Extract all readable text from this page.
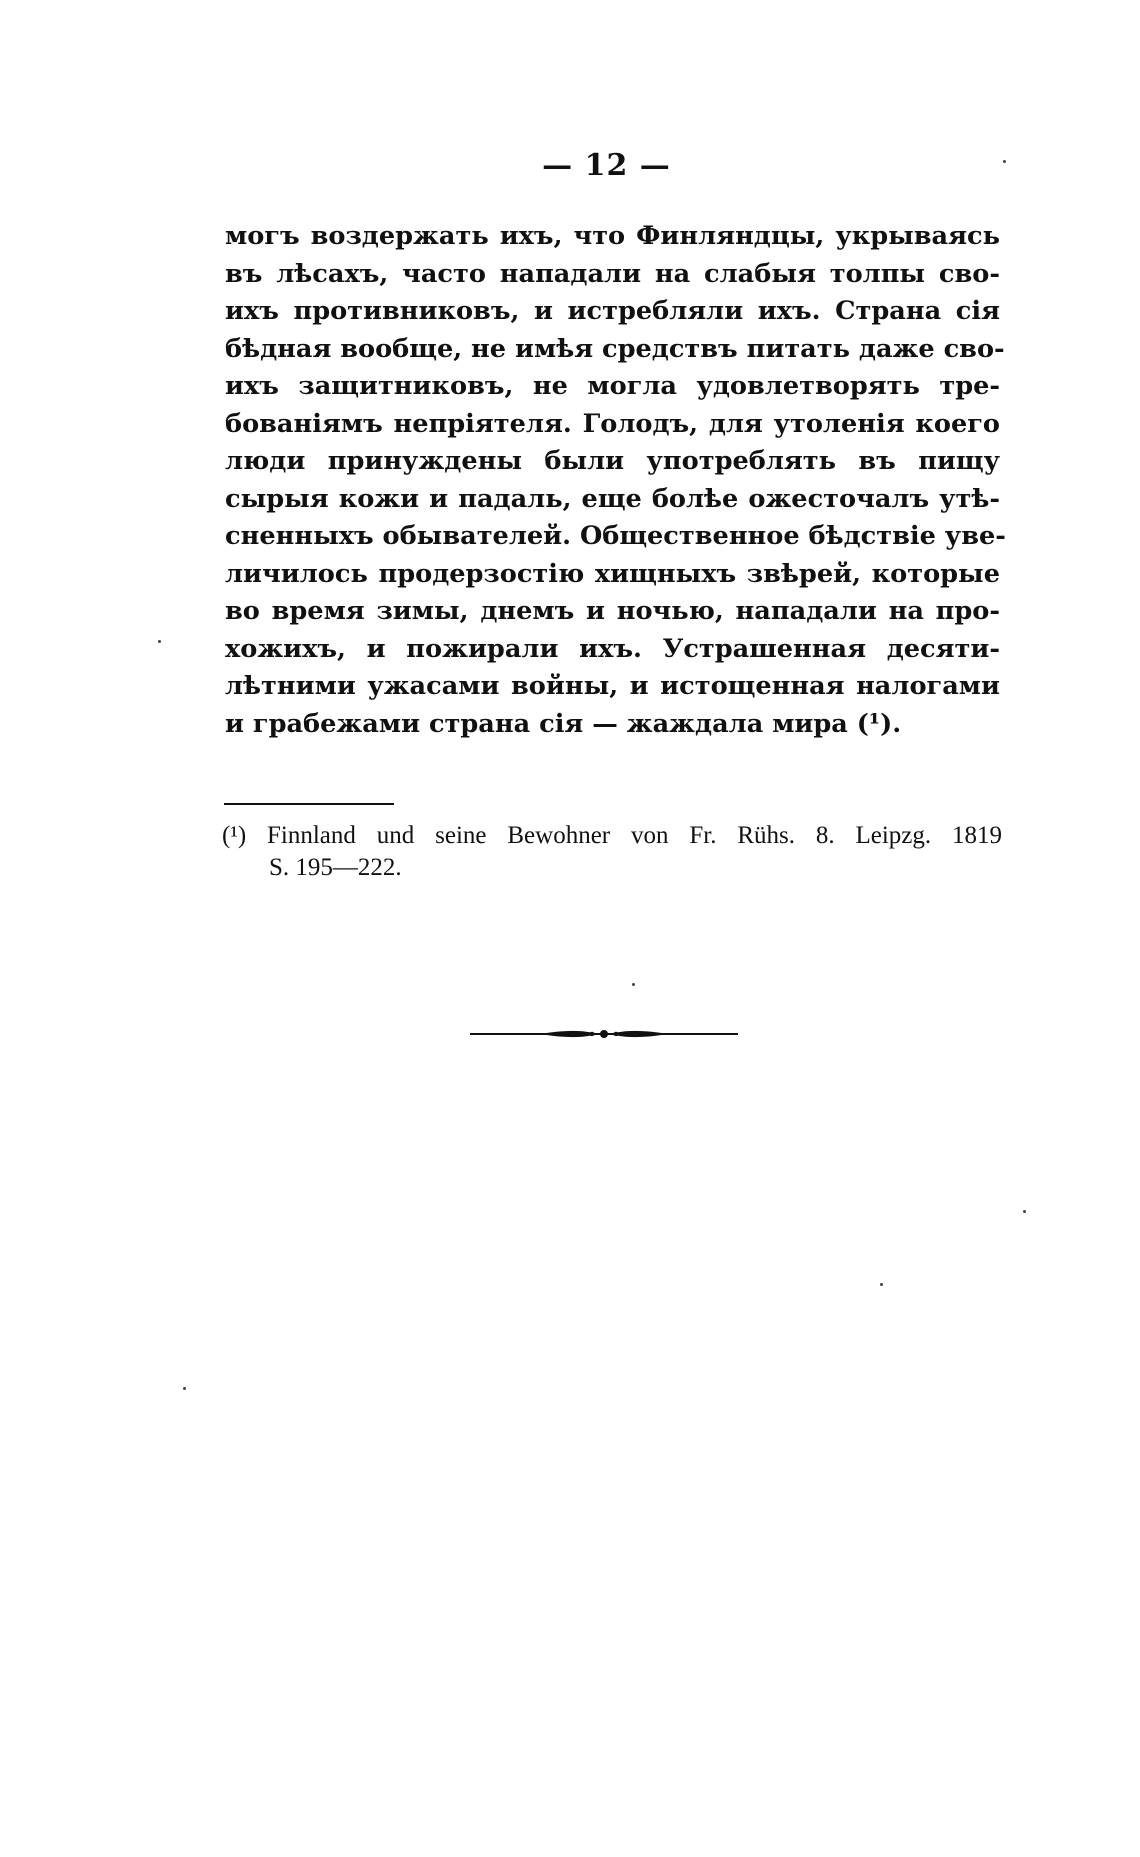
— 12 —
могъ воздержать ихъ, что Финляндцы, укрываясь
въ лѣсахъ, часто нападали на слабыя толпы сво-
ихъ противниковъ, и истребляли ихъ. Страна сія
бѣдная вообще, не имѣя средствъ питать даже сво-
ихъ защитниковъ, не могла удовлетворять тре-
бованіямъ непріятеля. Голодъ, для утоленія коего
люди принуждены были употреблять въ пищу
сырыя кожи и падаль, еще болѣе ожесточалъ утѣ-
сненныхъ обывателей. Общественное бѣдствіе уве-
личилось продерзостію хищныхъ звѣрей, которые
во время зимы, днемъ и ночью, нападали на про-
хожихъ, и пожирали ихъ. Устрашенная десяти-
лѣтними ужасами войны, и истощенная налогами
и грабежами страна сія — жаждала мира (¹).
(¹) Finnland und seine Bewohner von Fr. Rühs. 8. Leipzg. 1819
S. 195—222.
